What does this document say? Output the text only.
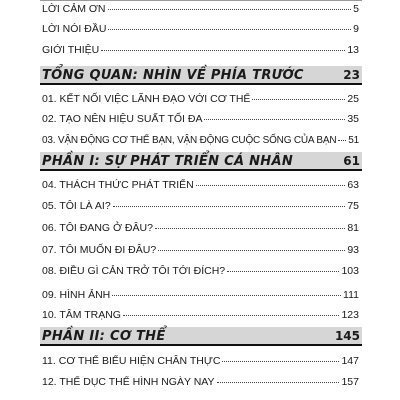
LỜI CẢM ƠN	5
LỜI NÓI ĐẦU	9
GIỚI THIỆU	13
TỔNG QUAN: NHÌN VỀ PHÍA TRƯỚC	23
01. KẾT NỐI VIỆC LÃNH ĐẠO VỚI CƠ THỂ	25
02. TẠO NÊN HIỆU SUẤT TỐI ĐA	35
03. VẬN ĐỘNG CƠ THỂ BẠN, VẬN ĐỘNG CUỘC SỐNG CỦA BẠN 51
PHẦN I: SỰ PHÁT TRIỂN CÁ NHÂN	61
04. THÁCH THỨC PHÁT TRIỂN	63
05. TÔI LÀ AI?	75
06. TÔI ĐANG Ở ĐÂU?	81
07. TÔI MUỐN ĐI ĐÂU?	93
08. ĐIỀU GÌ CẢN TRỞ TÔI TỚI ĐÍCH?	103
09. HÌNH ẢNH	111
10. TÂM TRẠNG	123
PHẦN II: CƠ THỂ	145
11. CƠ THỂ BIỂU HIỆN CHÂN THỰC	147
12. THỂ DỤC THỂ HÌNH NGÀY NAY	157
